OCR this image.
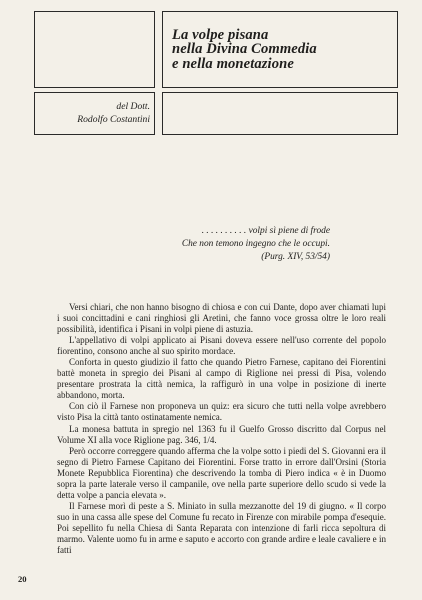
La volpe pisana
nella Divina Commedia
e nella monetazione
del Dott.
Rodolfo Costantini
. . . . . . . . . . volpi sì piene di frode
Che non temono ingegno che le occupi.
(Purg. XIV, 53/54)

Versi chiari, che non hanno bisogno di chiosa e con cui Dante, dopo aver chiamati lupi i suoi concittadini e cani ringhiosi gli Aretini, che fanno voce grossa oltre le loro reali possibilità, identifica i Pisani in volpi piene di astuzia.

L'appellativo di volpi applicato ai Pisani doveva essere nell'uso corrente del popolo fiorentino, consono anche al suo spirito mordace.

Conforta in questo giudizio il fatto che quando Pietro Farnese, capitano dei Fiorentini battè moneta in spregio dei Pisani al campo di Riglione nei pressi di Pisa, volendo presentare prostrata la città nemica, la raffigurò in una volpe in posizione di inerte abbandono, morta.

Con ciò il Farnese non proponeva un quiz: era sicuro che tutti nella volpe avrebbero visto Pisa la città tanto ostinatamente nemica.

La monesa battuta in spregio nel 1363 fu il Guelfo Grosso discritto dal Corpus nel Volume XI alla voce Riglione pag. 346, 1/4.

Però occorre correggere quando afferma che la volpe sotto i piedi del S. Giovanni era il segno di Pietro Farnese Capitano dei Fiorentini. Forse tratto in errore dall'Orsini (Storia Monete Repubblica Fiorentina) che descrivendo la tomba di Piero indica « è in Duomo sopra la parte laterale verso il campanile, ove nella parte superiore dello scudo si vede la detta volpe a pancia elevata ».

Il Farnese morì di peste a S. Miniato in sulla mezzanotte del 19 di giugno. « Il corpo suo in una cassa alle spese del Comune fu recato in Firenze con mirabile pompa d'esequie. Poi sepellito fu nella Chiesa di Santa Reparata con intenzione di farli ricca sepoltura di marmo. Valente uomo fu in arme e saputo e accorto con grande ardire e leale cavaliere e in fatti

20
